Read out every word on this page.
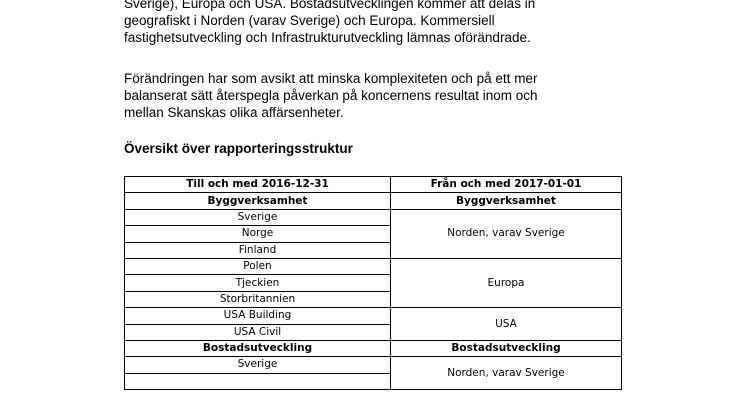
Sverige), Europa och USA. Bostadsutvecklingen kommer att delas in
geografiskt i Norden (varav Sverige) och Europa. Kommersiell
fastighetsutveckling och Infrastrukturutveckling lämnas oförändrade.
Förändringen har som avsikt att minska komplexiteten och på ett mer
balanserat sätt återspegla påverkan på koncernens resultat inom och
mellan Skanskas olika affärsenheter.
Översikt över rapporteringsstruktur
Till och med 2016-12-31	Från och med 2017-01-01
Byggverksamhet	Byggverksamhet
Sverige	Norden, varav Sverige
Norge	
Finland	
Polen	Europa
Tjeckien	
Storbritannien	
USA Building	USA
USA Civil	
Bostadsutveckling	Bostadsutveckling
Sverige	Norden, varav Sverige
